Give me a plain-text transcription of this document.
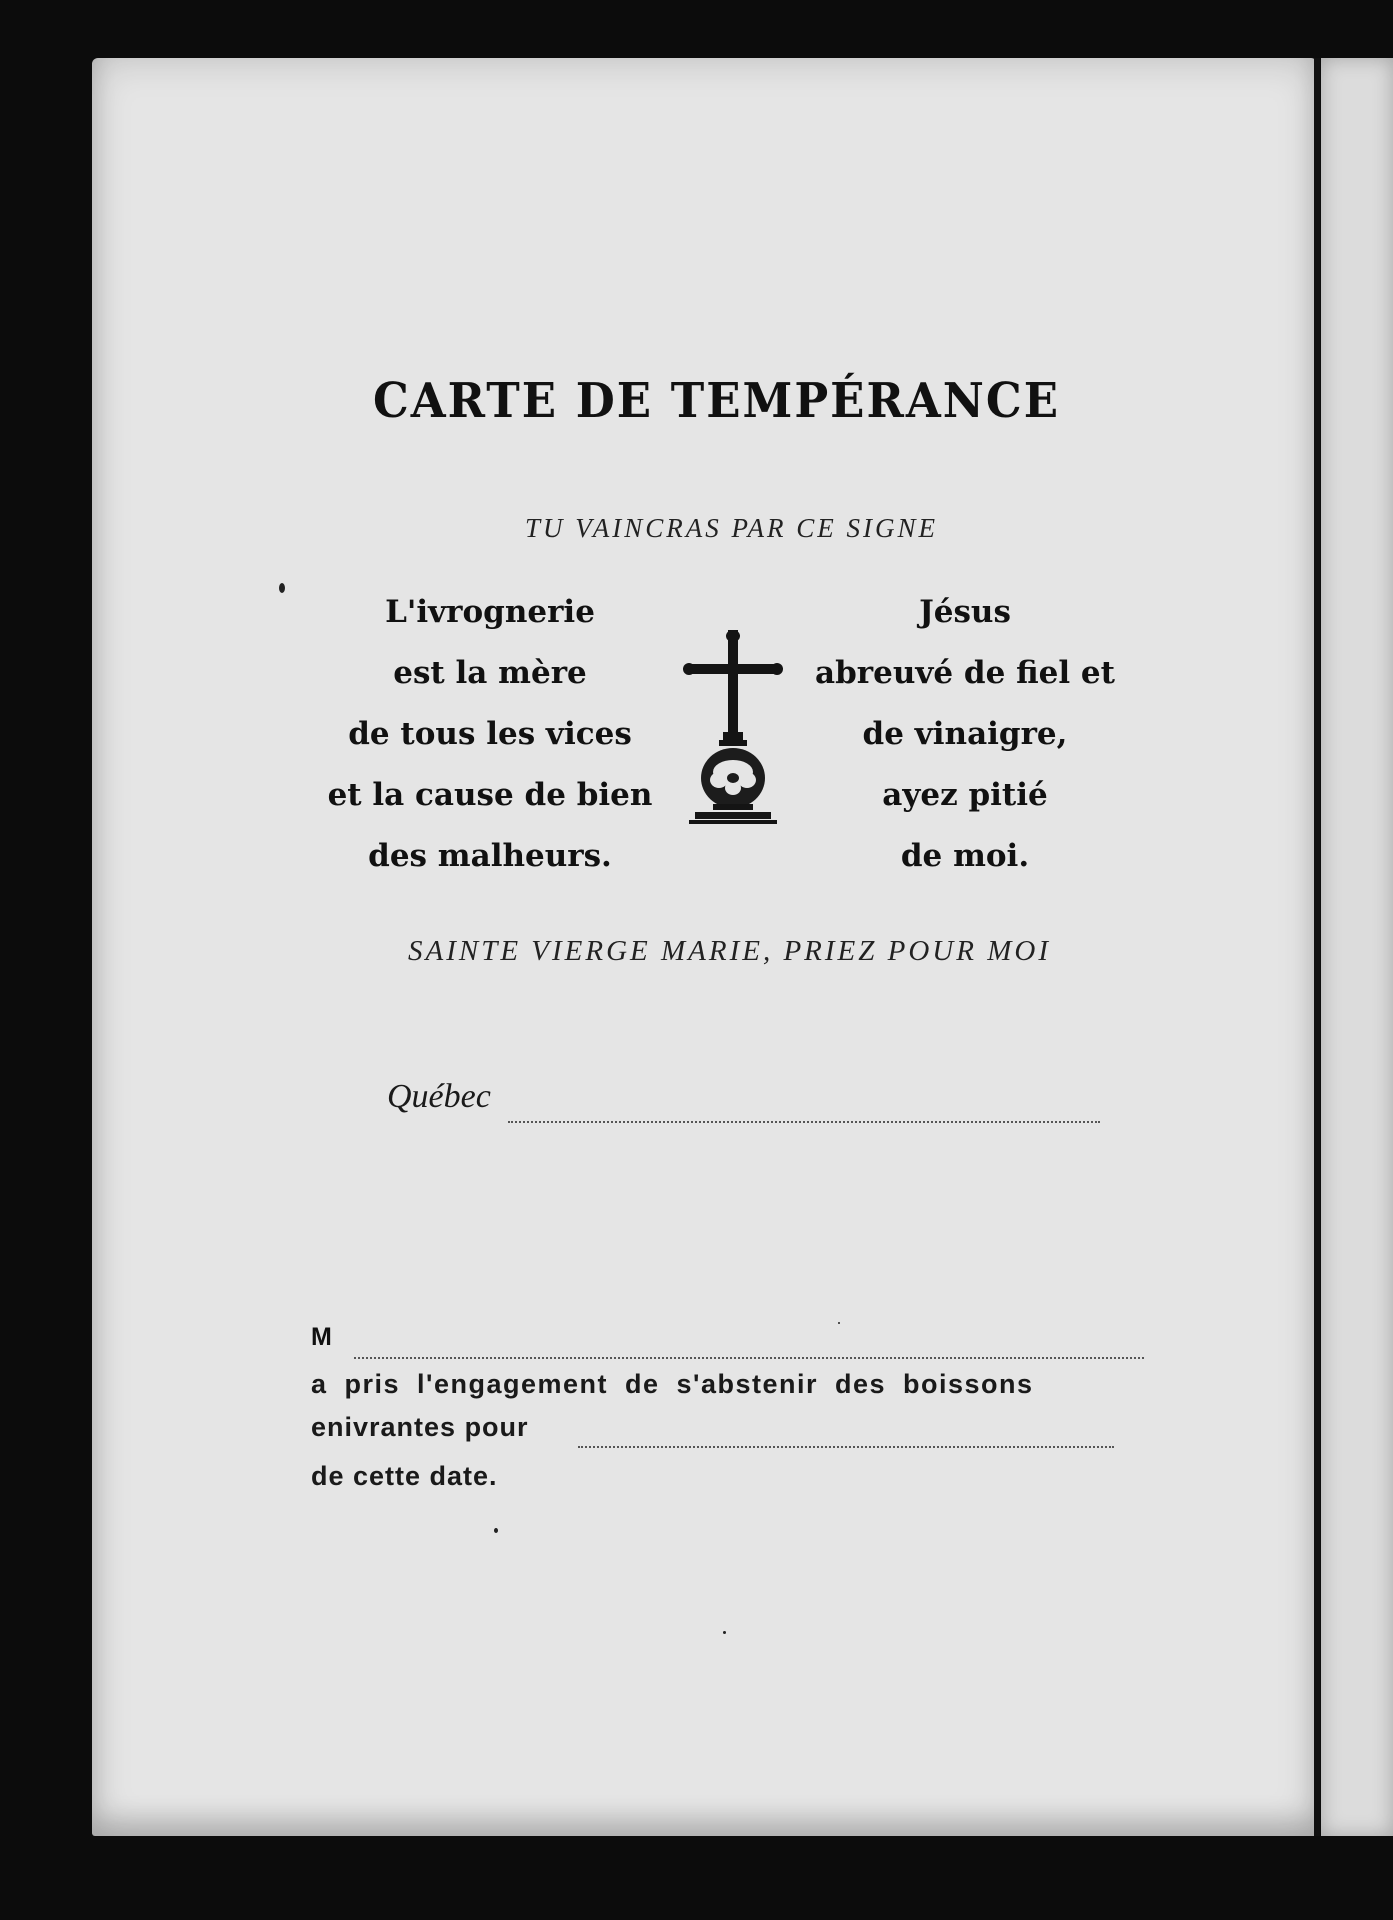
CARTE DE TEMPÉRANCE
TU VAINCRAS PAR CE SIGNE
L'ivrognerie
est la mère
de tous les vices
et la cause de bien
des malheurs.
Jésus
abreuvé de fiel et
de vinaigre,
ayez pitié
de moi.
SAINTE VIERGE MARIE, PRIEZ POUR MOI
Québec
M
a pris l'engagement de s'abstenir des boissons
enivrantes pour
de cette date.
